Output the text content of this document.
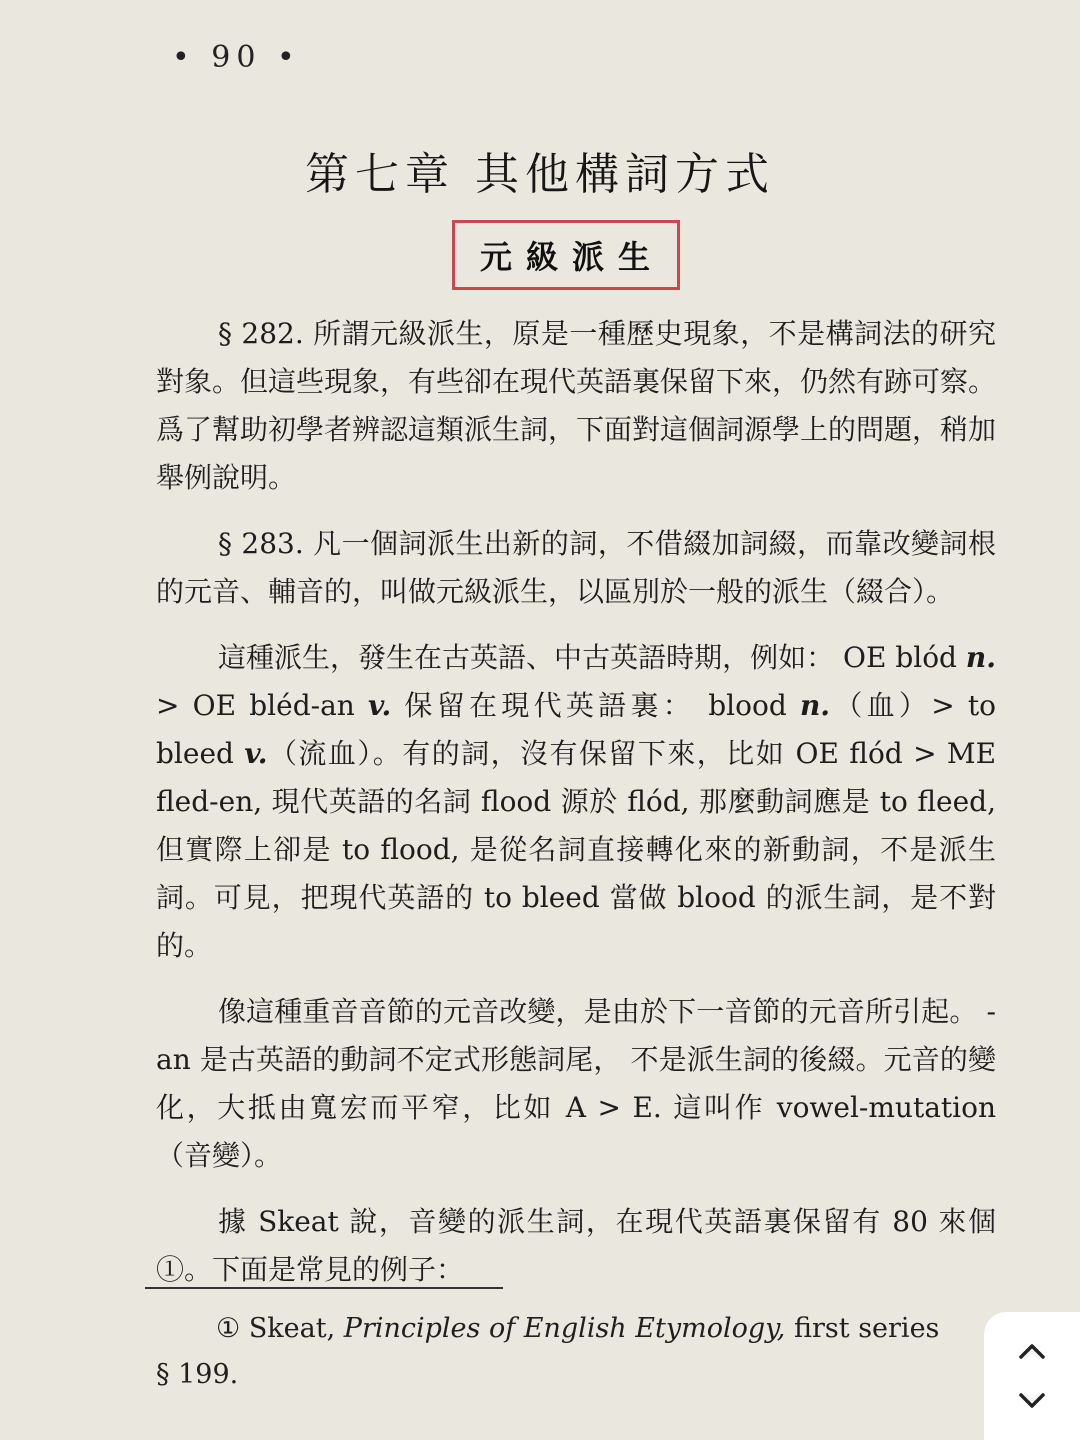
• 90 •
第七章 其他構詞方式
元級派生

§ 282. 所謂元級派生，原是一種歷史現象，不是構詞法的研究對象。但這些現象，有些卻在現代英語裏保留下來，仍然有跡可察。爲了幫助初學者辨認這類派生詞，下面對這個詞源學上的問題，稍加舉例說明。

§ 283. 凡一個詞派生出新的詞，不借綴加詞綴，而靠改變詞根的元音、輔音的，叫做元級派生，以區別於一般的派生（綴合）。

這種派生，發生在古英語、中古英語時期，例如： OE blód n. > OE bléd-an v. 保留在現代英語裏： blood n.（血）> to bleed v.（流血）。有的詞，沒有保留下來，比如 OE flód > ME fled-en, 現代英語的名詞 flood 源於 flód, 那麼動詞應是 to fleed, 但實際上卻是 to flood, 是從名詞直接轉化來的新動詞，不是派生詞。可見，把現代英語的 to bleed 當做 blood 的派生詞，是不對的。

像這種重音音節的元音改變，是由於下一音節的元音所引起。 -an 是古英語的動詞不定式形態詞尾， 不是派生詞的後綴。元音的變化，大抵由寬宏而平窄，比如 A > E. 這叫作 vowel-mutation（音變）。

據 Skeat 說，音變的派生詞，在現代英語裏保留有 80 來個①。下面是常見的例子：

① Skeat, Principles of English Etymology, first series
§ 199.
